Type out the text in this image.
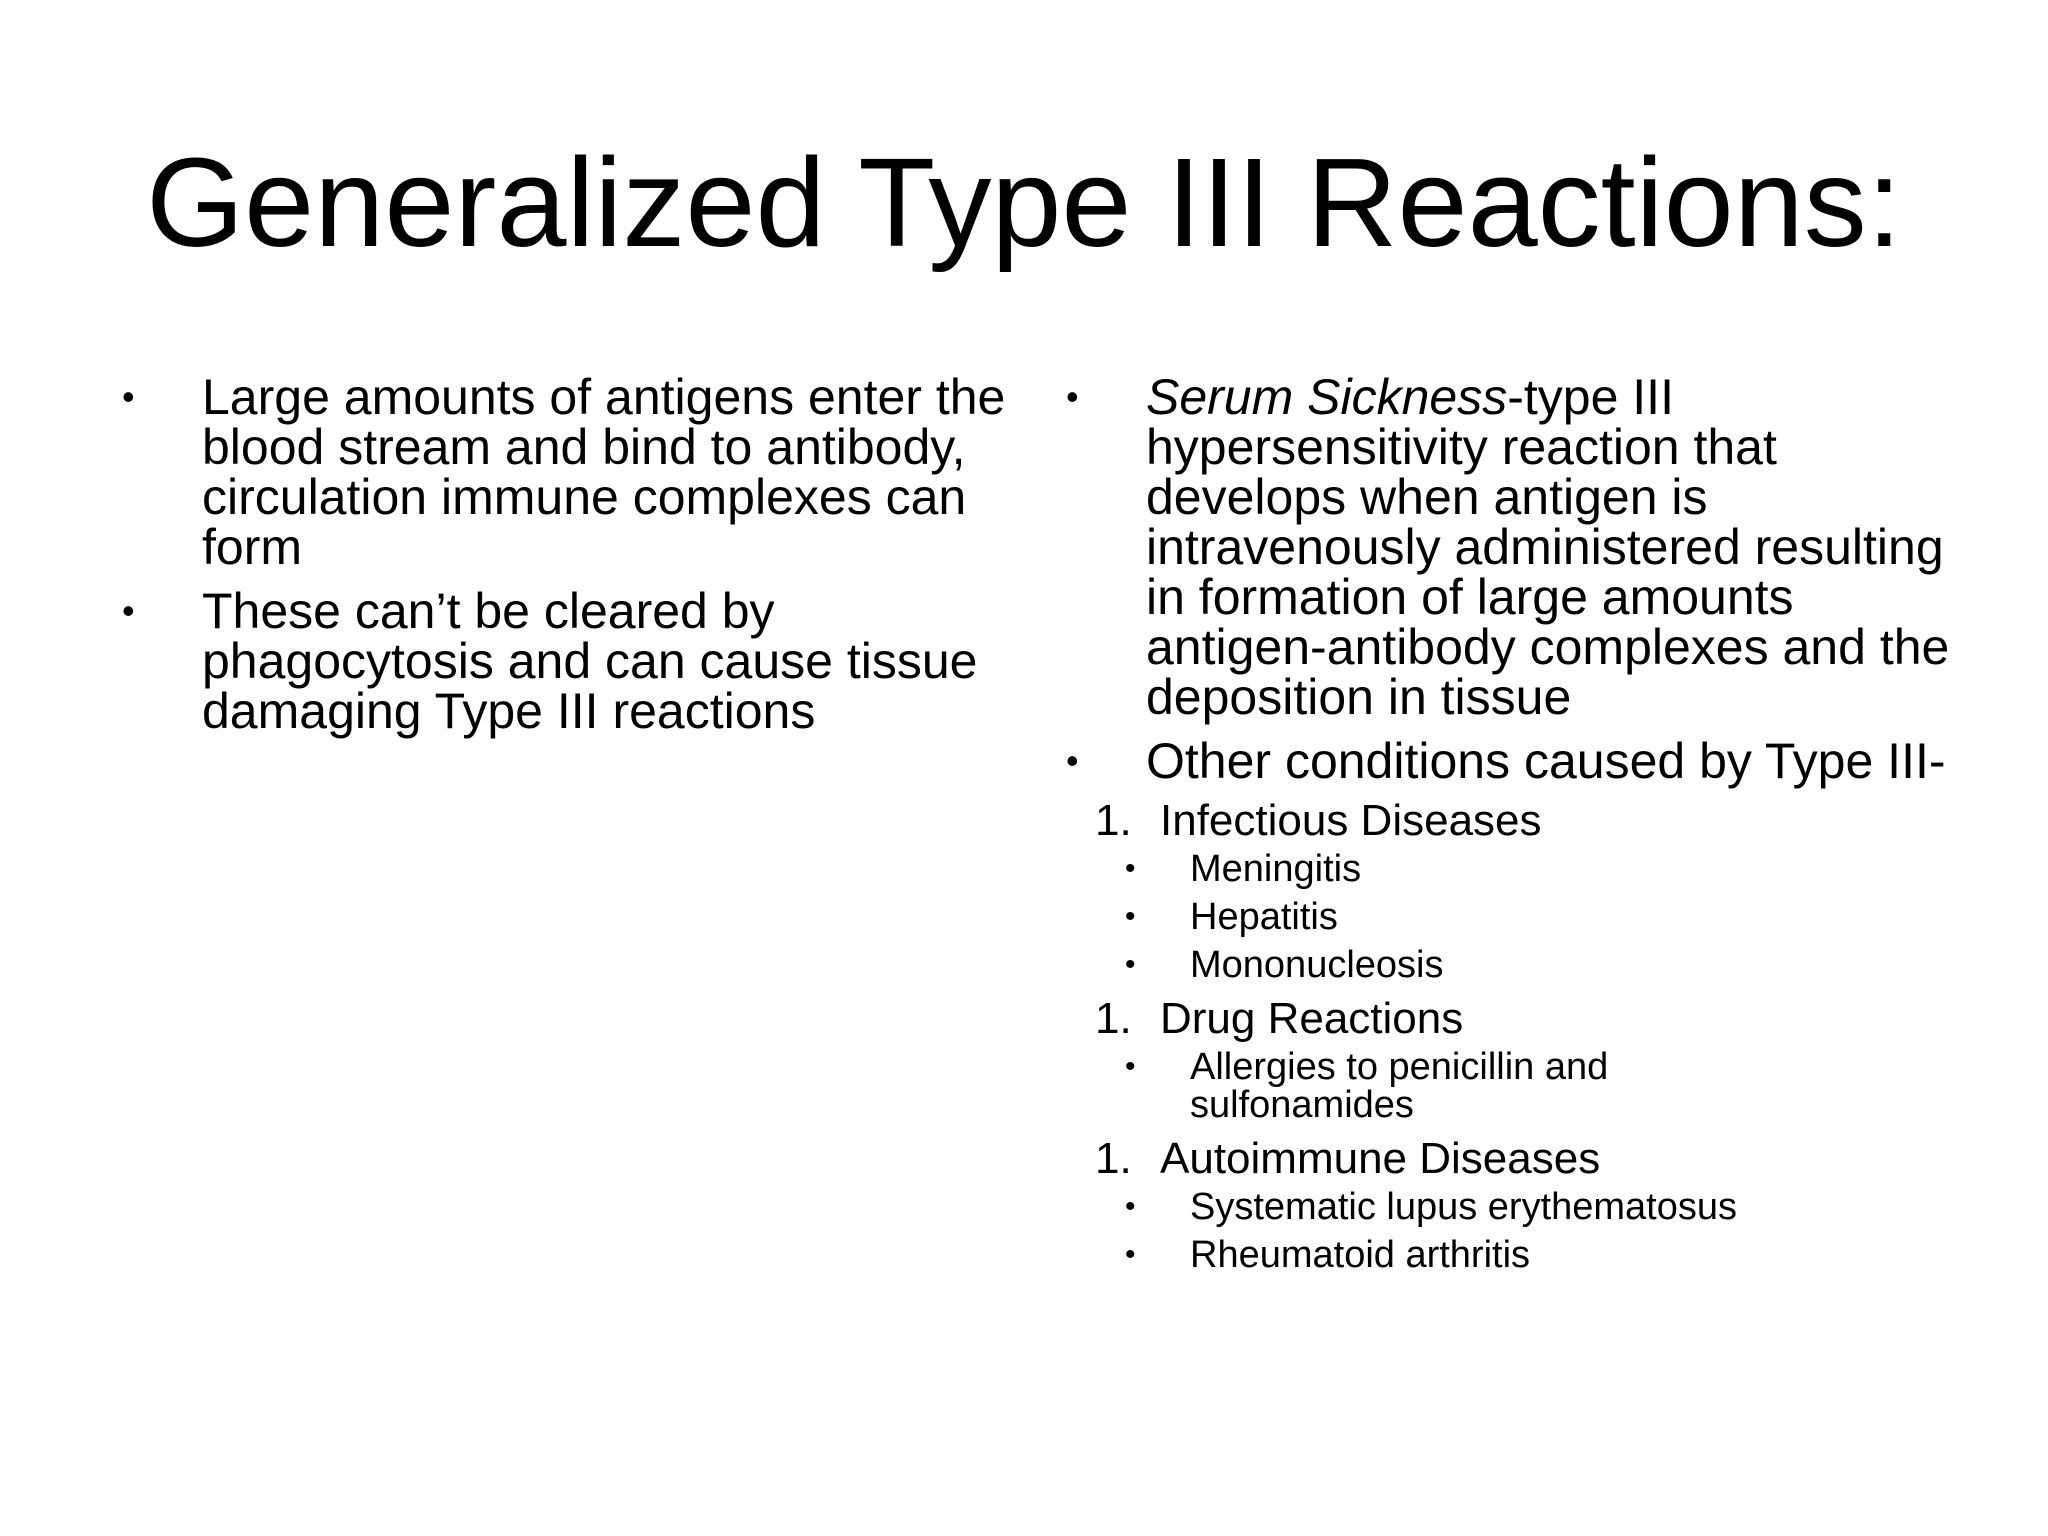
Generalized Type III Reactions:
•	Large amounts of antigens enter the blood stream and bind to antibody, circulation immune complexes can form
•	These can’t be cleared by phagocytosis and can cause tissue damaging Type III reactions
•	Serum Sickness-type III hypersensitivity reaction that develops when antigen is intravenously administered resulting in formation of large amounts antigen-antibody complexes and the deposition in tissue
•	Other conditions caused by Type III-
1. Infectious Diseases
• Meningitis
• Hepatitis
• Mononucleosis
1. Drug Reactions
• Allergies to penicillin and sulfonamides
1. Autoimmune Diseases
• Systematic lupus erythematosus
• Rheumatoid arthritis
